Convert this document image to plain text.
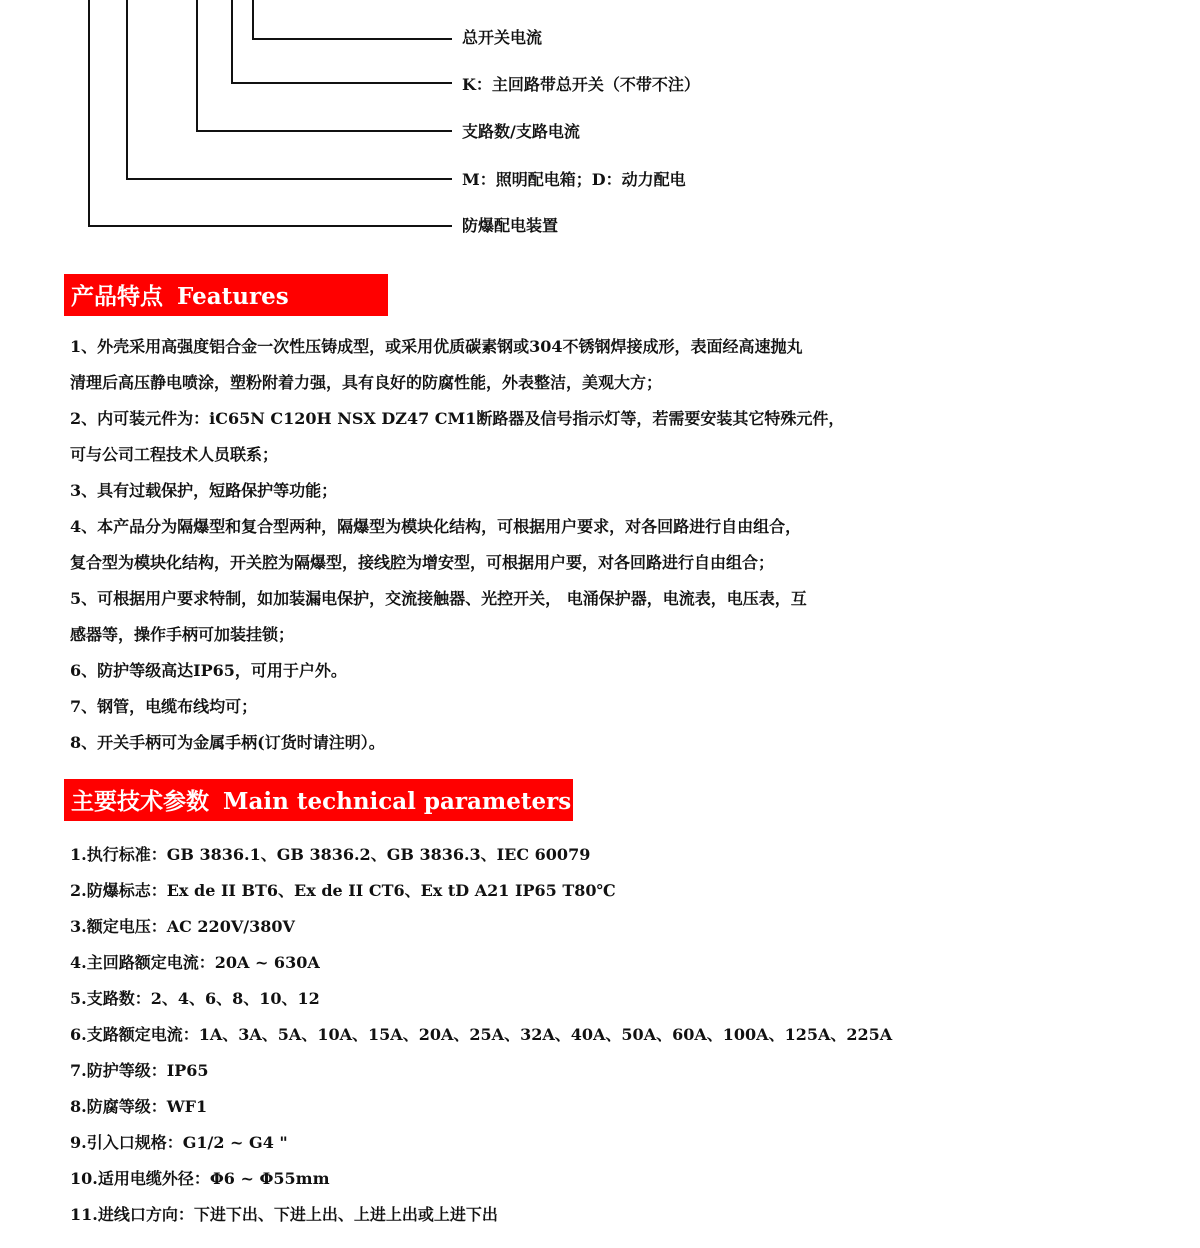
总开关电流
K：主回路带总开关（不带不注）
支路数/支路电流
M：照明配电箱；D：动力配电
防爆配电装置
产品特点 Features
1、外壳采用高强度铝合金一次性压铸成型，或采用优质碳素钢或304不锈钢焊接成形，表面经高速抛丸
清理后高压静电喷涂，塑粉附着力强，具有良好的防腐性能，外表整洁，美观大方；
2、内可装元件为：iC65N C120H NSX DZ47 CM1断路器及信号指示灯等，若需要安装其它特殊元件，
可与公司工程技术人员联系；
3、具有过载保护，短路保护等功能；
4、本产品分为隔爆型和复合型两种，隔爆型为模块化结构，可根据用户要求，对各回路进行自由组合，
复合型为模块化结构，开关腔为隔爆型，接线腔为增安型，可根据用户要，对各回路进行自由组合；
5、可根据用户要求特制，如加装漏电保护，交流接触器、光控开关， 电涌保护器，电流表，电压表，互
感器等，操作手柄可加装挂锁；
6、防护等级高达IP65，可用于户外。
7、钢管，电缆布线均可；
8、开关手柄可为金属手柄(订货时请注明）。
主要技术参数 Main technical parameters
1.执行标准：GB 3836.1、GB 3836.2、GB 3836.3、IEC 60079
2.防爆标志：Ex de II BT6、Ex de II CT6、Ex tD A21 IP65 T80℃
3.额定电压：AC 220V/380V
4.主回路额定电流：20A ~ 630A
5.支路数：2、4、6、8、10、12
6.支路额定电流：1A、3A、5A、10A、15A、20A、25A、32A、40A、50A、60A、100A、125A、225A
7.防护等级：IP65
8.防腐等级：WF1
9.引入口规格：G1/2 ~ G4 "
10.适用电缆外径：Φ6 ~ Φ55mm
11.进线口方向：下进下出、下进上出、上进上出或上进下出
